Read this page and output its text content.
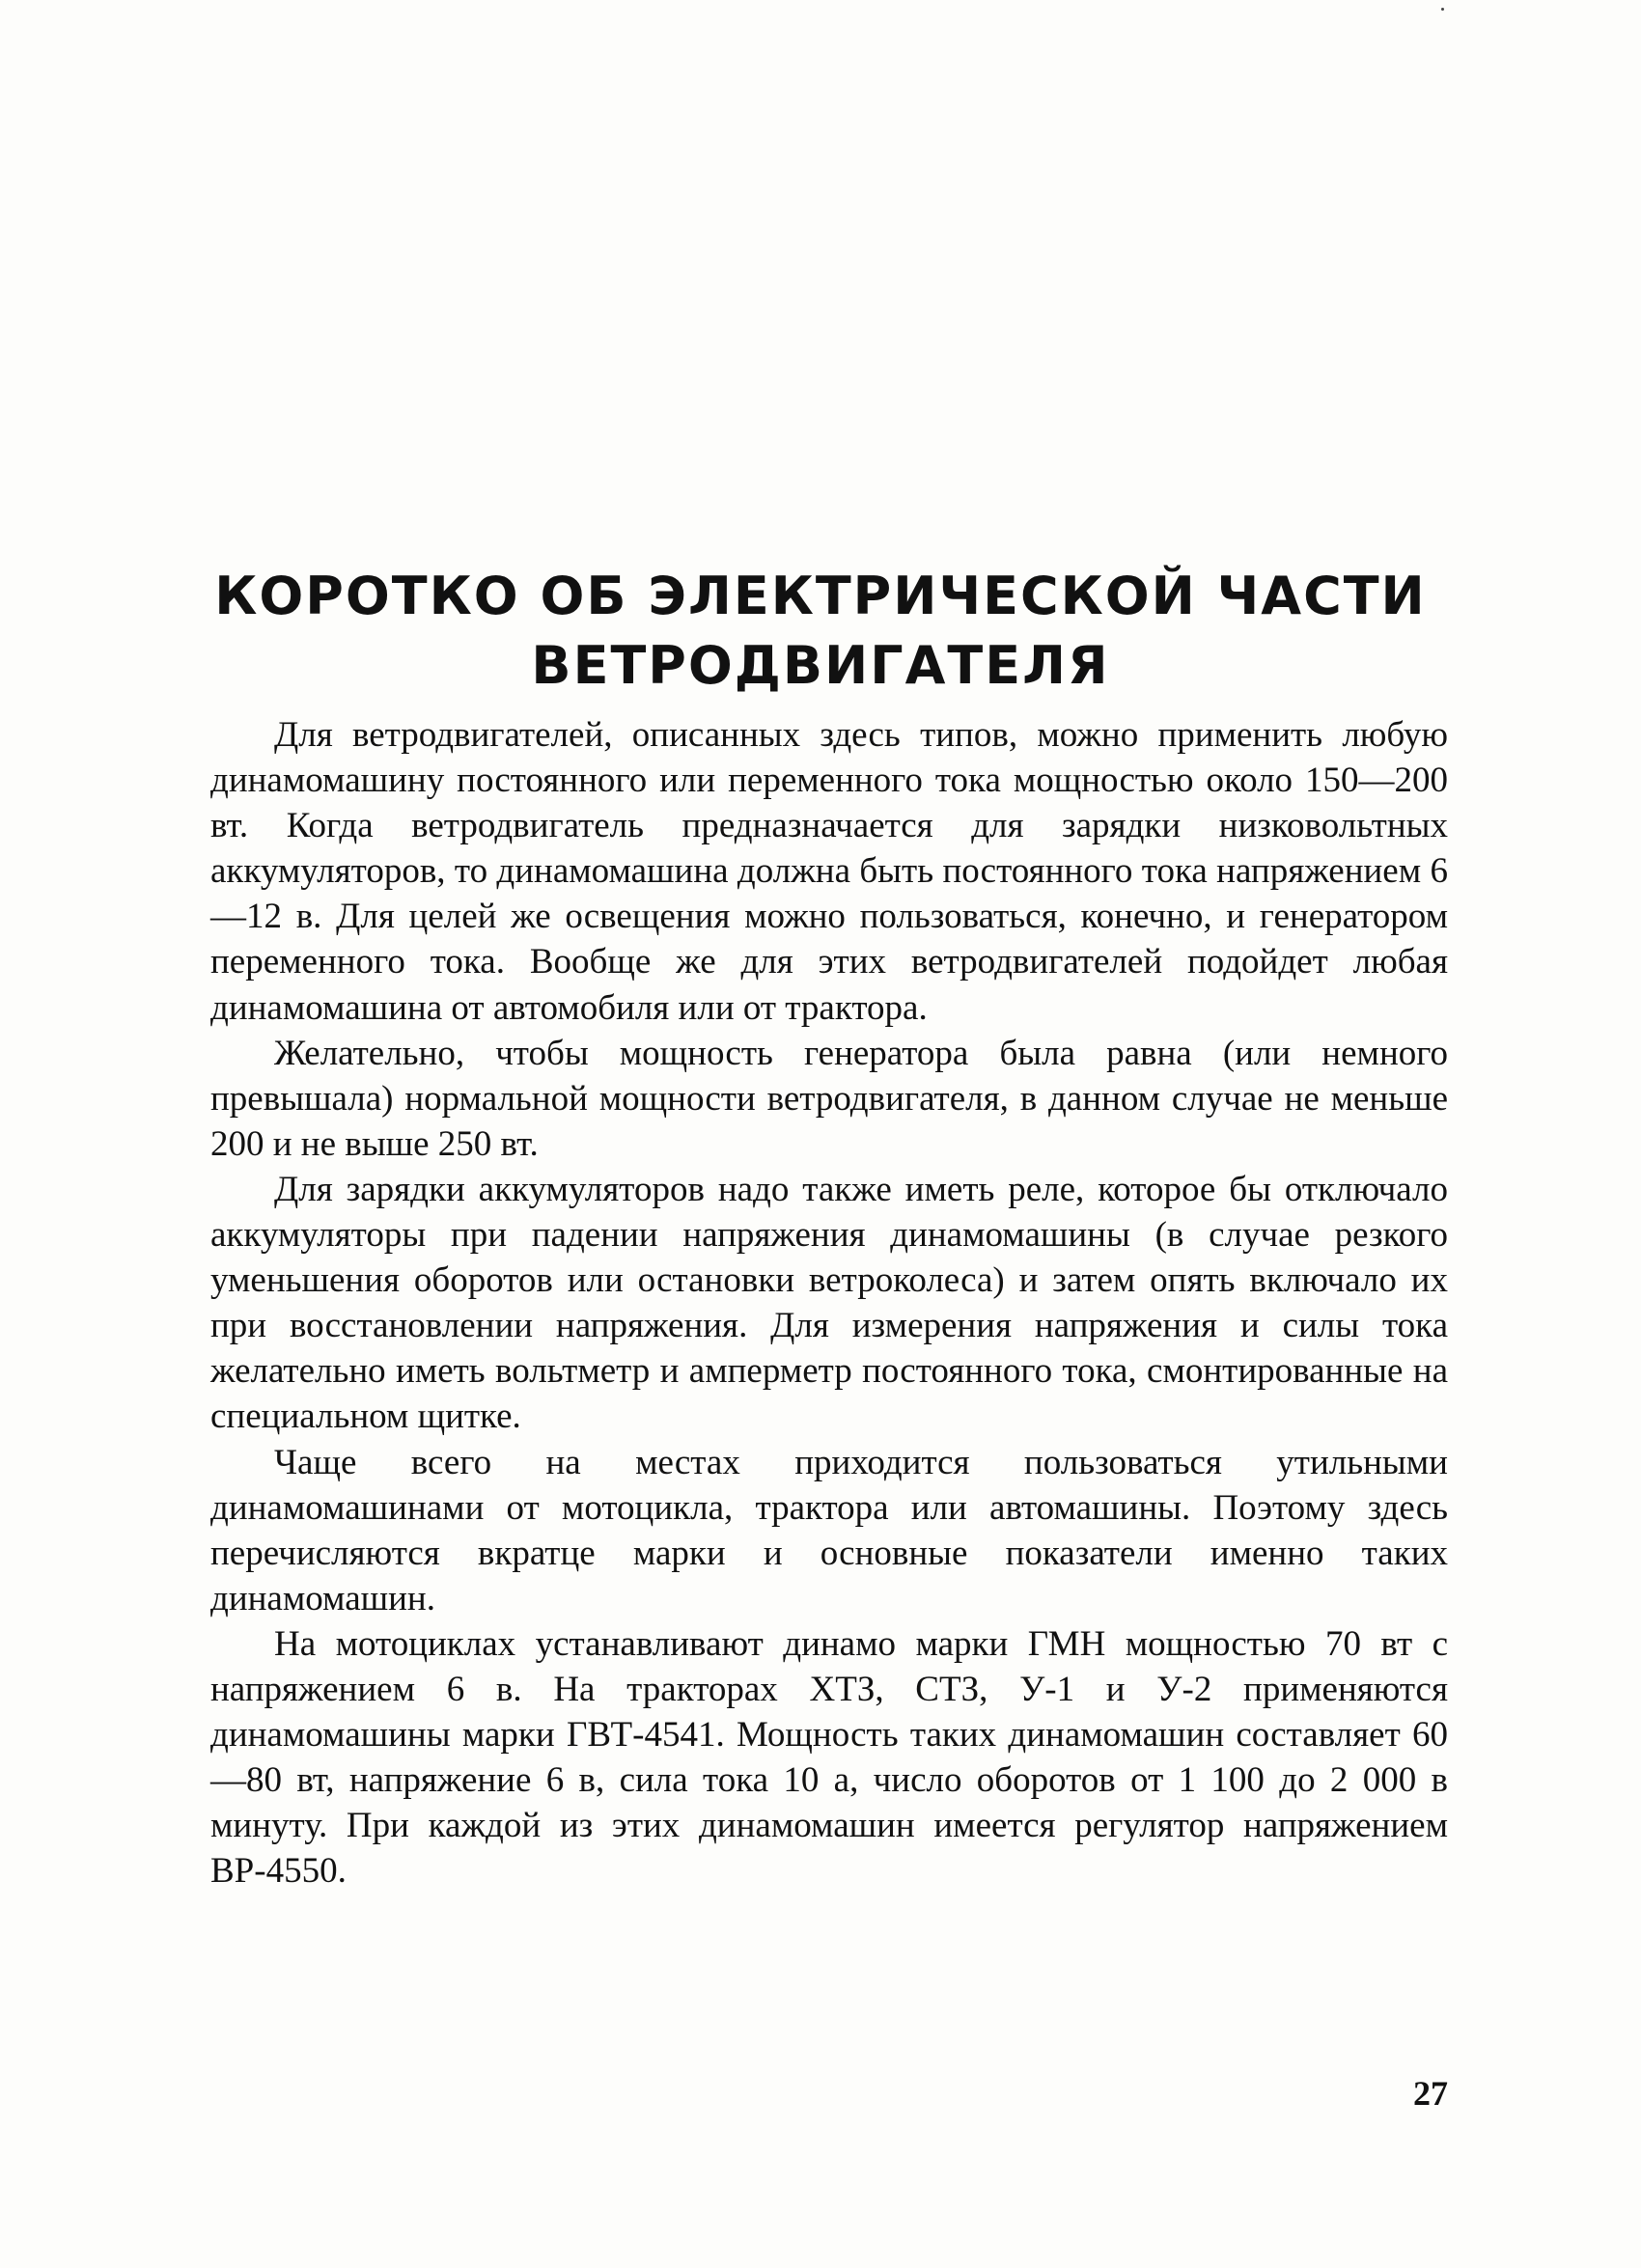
КОРОТКО ОБ ЭЛЕКТРИЧЕСКОЙ ЧАСТИ
ВЕТРОДВИГАТЕЛЯ

Для ветродвигателей, описанных здесь типов, можно применить любую динамомашину постоянного или переменного тока мощностью около 150—200 вт. Когда ветродвигатель предназначается для зарядки низковольтных аккумуляторов, то динамомашина должна быть постоянного тока напряжением 6—12 в. Для целей же освещения можно пользоваться, конечно, и генератором переменного тока. Вообще же для этих ветродвигателей подойдет любая динамомашина от автомобиля или от трактора.

Желательно, чтобы мощность генератора была равна (или немного превышала) нормальной мощности ветродвигателя, в данном случае не меньше 200 и не выше 250 вт.

Для зарядки аккумуляторов надо также иметь реле, которое бы отключало аккумуляторы при падении напряжения динамомашины (в случае резкого уменьшения оборотов или остановки ветроколеса) и затем опять включало их при восстановлении напряжения. Для измерения напряжения и силы тока желательно иметь вольтметр и амперметр постоянного тока, смонтированные на специальном щитке.

Чаще всего на местах приходится пользоваться утильными динамомашинами от мотоцикла, трактора или автомашины. Поэтому здесь перечисляются вкратце марки и основные показатели именно таких динамомашин.

На мотоциклах устанавливают динамо марки ГМН мощностью 70 вт с напряжением 6 в. На тракторах ХТЗ, СТЗ, У-1 и У-2 применяются динамомашины марки ГВТ-4541. Мощность таких динамомашин составляет 60—80 вт, напряжение 6 в, сила тока 10 а, число оборотов от 1 100 до 2 000 в минуту. При каждой из этих динамомашин имеется регулятор напряжением ВР-4550.

27
